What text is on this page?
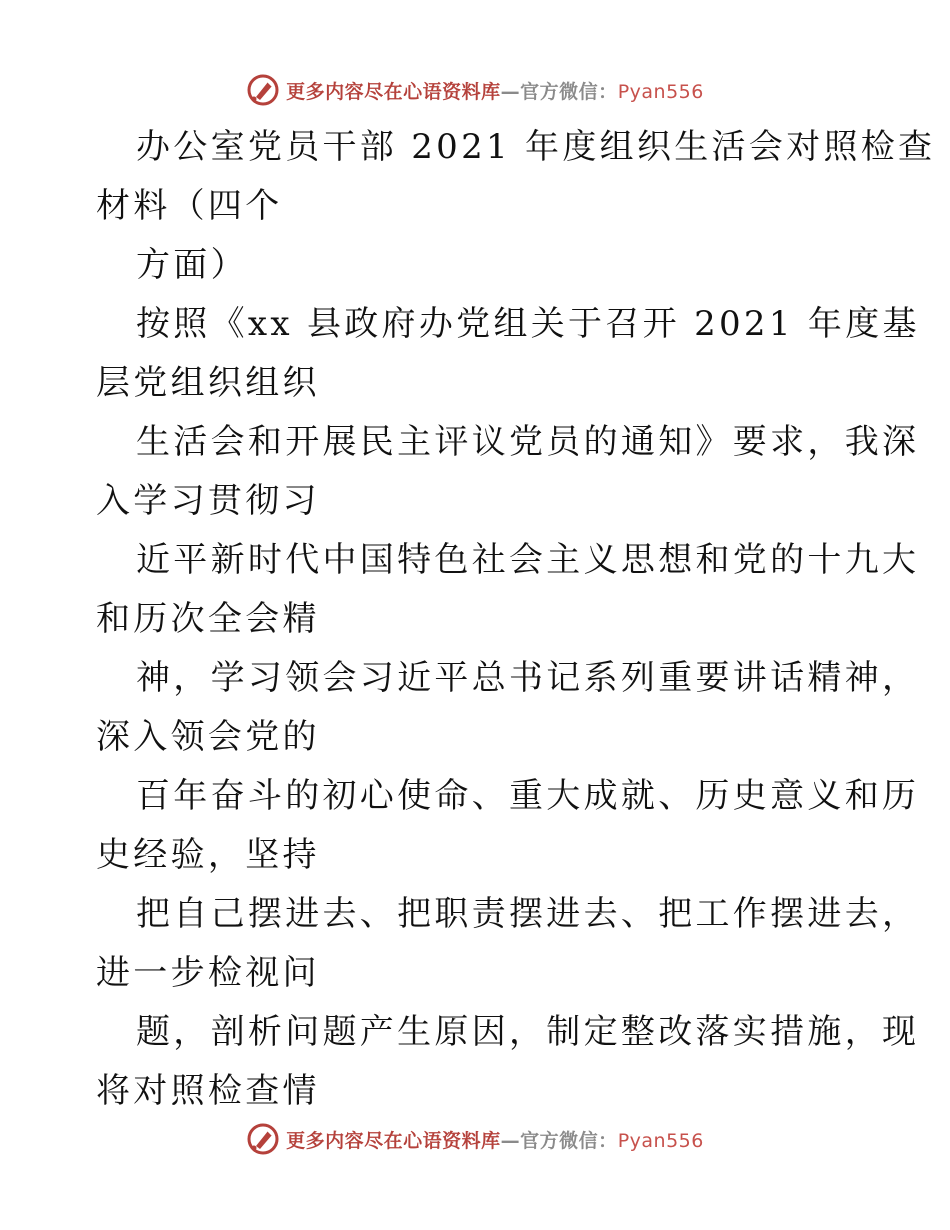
更多内容尽在心语资料库—官方微信：Pyan556
办公室党员干部 2021 年度组织生活会对照检查
材料（四个
方面）
按照《xx 县政府办党组关于召开 2021 年度基
层党组织组织
生活会和开展民主评议党员的通知》要求，我深
入学习贯彻习
近平新时代中国特色社会主义思想和党的十九大
和历次全会精
神，学习领会习近平总书记系列重要讲话精神，
深入领会党的
百年奋斗的初心使命、重大成就、历史意义和历
史经验，坚持
把自己摆进去、把职责摆进去、把工作摆进去，
进一步检视问
题，剖析问题产生原因，制定整改落实措施，现
将对照检查情
更多内容尽在心语资料库—官方微信：Pyan556
